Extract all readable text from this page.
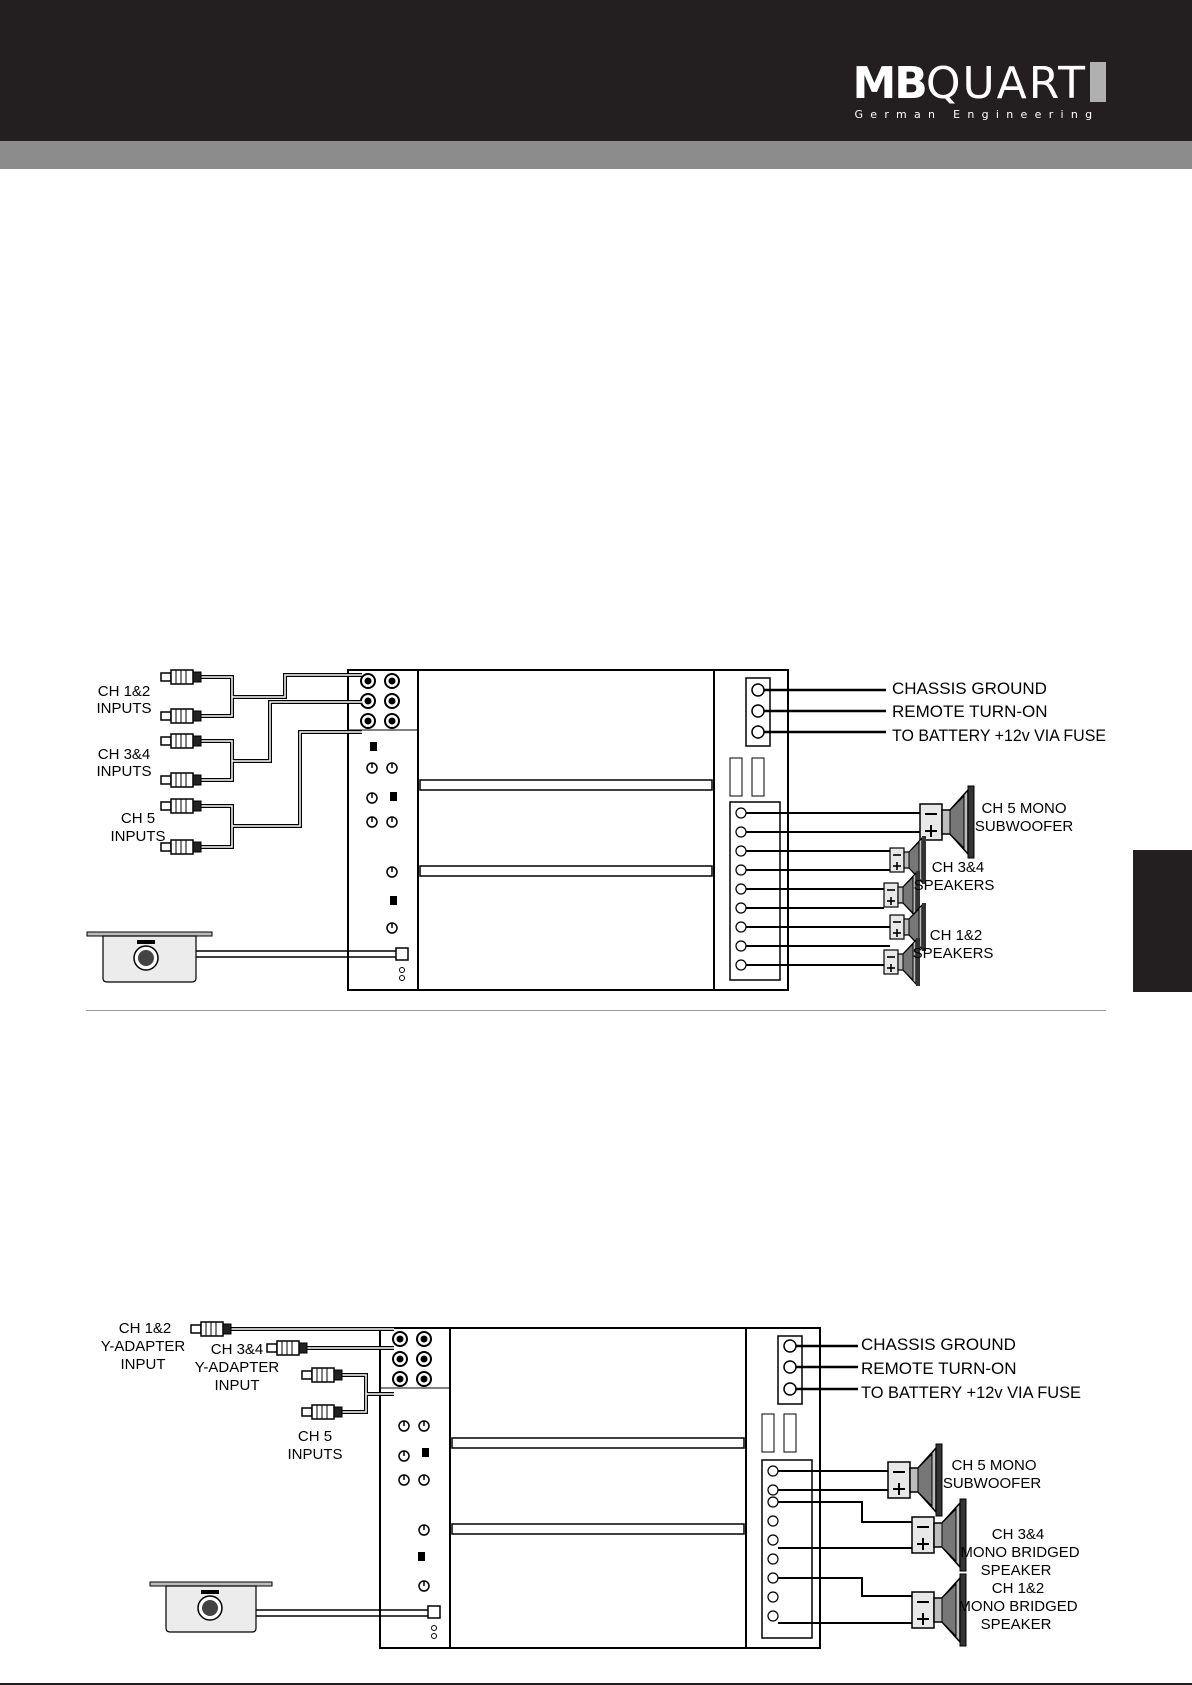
MBQUART
German Engineering
CH 1&2
INPUTS
CH 3&4
INPUTS
CH 5
INPUTS
CHASSIS GROUND
REMOTE TURN-ON
TO BATTERY +12v VIA FUSE
CH 5 MONO
SUBWOOFER
CH 3&4
SPEAKERS
CH 1&2
SPEAKERS
CH 1&2
Y-ADAPTER
INPUT
CH 3&4
Y-ADAPTER
INPUT
CH 5
INPUTS
CHASSIS GROUND
REMOTE TURN-ON
TO BATTERY +12v VIA FUSE
CH 5 MONO
SUBWOOFER
CH 3&4
MONO BRIDGED
SPEAKER
CH 1&2
MONO BRIDGED
SPEAKER
